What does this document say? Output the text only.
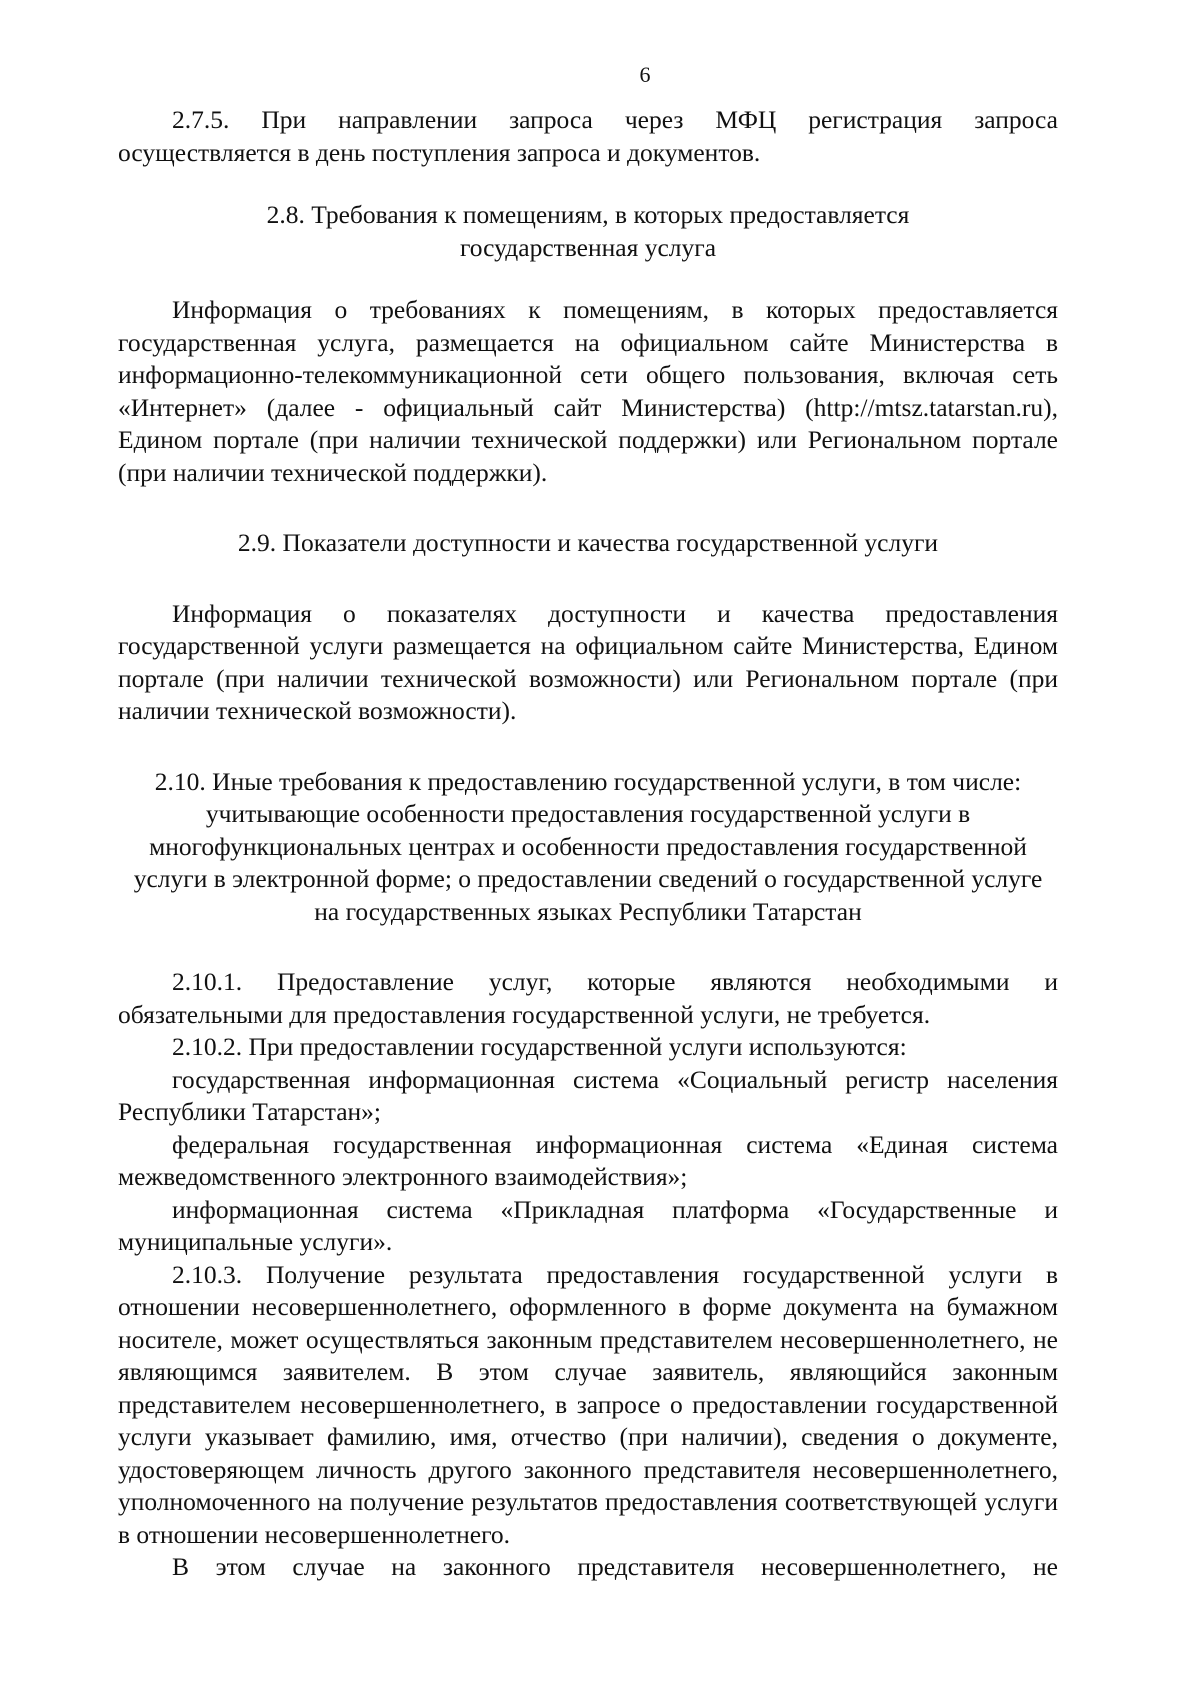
6

2.7.5. При направлении запроса через МФЦ регистрация запроса осуществляется в день поступления запроса и документов.

2.8. Требования к помещениям, в которых предоставляется государственная услуга

Информация о требованиях к помещениям, в которых предоставляется государственная услуга, размещается на официальном сайте Министерства в информационно-телекоммуникационной сети общего пользования, включая сеть «Интернет» (далее - официальный сайт Министерства) (http://mtsz.tatarstan.ru), Едином портале (при наличии технической поддержки) или Региональном портале (при наличии технической поддержки).

2.9. Показатели доступности и качества государственной услуги

Информация о показателях доступности и качества предоставления государственной услуги размещается на официальном сайте Министерства, Едином портале (при наличии технической возможности) или Региональном портале (при наличии технической возможности).

2.10. Иные требования к предоставлению государственной услуги, в том числе: учитывающие особенности предоставления государственной услуги в многофункциональных центрах и особенности предоставления государственной услуги в электронной форме; о предоставлении сведений о государственной услуге на государственных языках Республики Татарстан

2.10.1. Предоставление услуг, которые являются необходимыми и обязательными для предоставления государственной услуги, не требуется.

2.10.2. При предоставлении государственной услуги используются:

государственная информационная система «Социальный регистр населения Республики Татарстан»;

федеральная государственная информационная система «Единая система межведомственного электронного взаимодействия»;

информационная система «Прикладная платформа «Государственные и муниципальные услуги».

2.10.3. Получение результата предоставления государственной услуги в отношении несовершеннолетнего, оформленного в форме документа на бумажном носителе, может осуществляться законным представителем несовершеннолетнего, не являющимся заявителем. В этом случае заявитель, являющийся законным представителем несовершеннолетнего, в запросе о предоставлении государственной услуги указывает фамилию, имя, отчество (при наличии), сведения о документе, удостоверяющем личность другого законного представителя несовершеннолетнего, уполномоченного на получение результатов предоставления соответствующей услуги в отношении несовершеннолетнего.

В этом случае на законного представителя несовершеннолетнего, не
